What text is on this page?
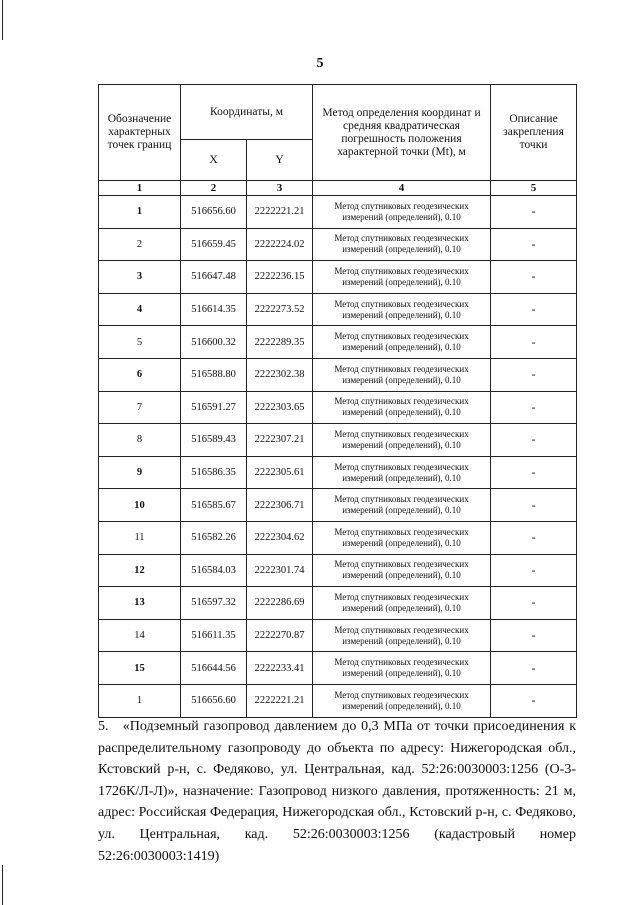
5
Обозначение характерных точек границ	Координаты, м		Метод определения координат и средняя квадратическая погрешность положения характерной точки (Mt), м	Описание закрепления точки
	X	Y		
1	2	3	4	5
1	516656.60	2222221.21	Метод спутниковых геодезических измерений (определений), 0.10	-
2	516659.45	2222224.02	Метод спутниковых геодезических измерений (определений), 0.10	-
3	516647.48	2222236.15	Метод спутниковых геодезических измерений (определений), 0.10	-
4	516614.35	2222273.52	Метод спутниковых геодезических измерений (определений), 0.10	-
5	516600.32	2222289.35	Метод спутниковых геодезических измерений (определений), 0.10	-
6	516588.80	2222302.38	Метод спутниковых геодезических измерений (определений), 0.10	-
7	516591.27	2222303.65	Метод спутниковых геодезических измерений (определений), 0.10	-
8	516589.43	2222307.21	Метод спутниковых геодезических измерений (определений), 0.10	-
9	516586.35	2222305.61	Метод спутниковых геодезических измерений (определений), 0.10	-
10	516585.67	2222306.71	Метод спутниковых геодезических измерений (определений), 0.10	-
11	516582.26	2222304.62	Метод спутниковых геодезических измерений (определений), 0.10	-
12	516584.03	2222301.74	Метод спутниковых геодезических измерений (определений), 0.10	-
13	516597.32	2222286.69	Метод спутниковых геодезических измерений (определений), 0.10	-
14	516611.35	2222270.87	Метод спутниковых геодезических измерений (определений), 0.10	-
15	516644.56	2222233.41	Метод спутниковых геодезических измерений (определений), 0.10	-
1	516656.60	2222221.21	Метод спутниковых геодезических измерений (определений), 0.10	-
5.   «Подземный газопровод давлением до 0,3 МПа от точки присоединения к распределительному газопроводу до объекта по адресу: Нижегородская обл., Кстовский р-н, с. Федяково, ул. Центральная, кад. 52:26:0030003:1256 (О-3-1726К/Л-Л)», назначение: Газопровод низкого давления, протяженность: 21 м, адрес: Российская Федерация, Нижегородская обл., Кстовский р-н, с. Федяково, ул. Центральная, кад. 52:26:0030003:1256 (кадастровый номер 52:26:0030003:1419)
